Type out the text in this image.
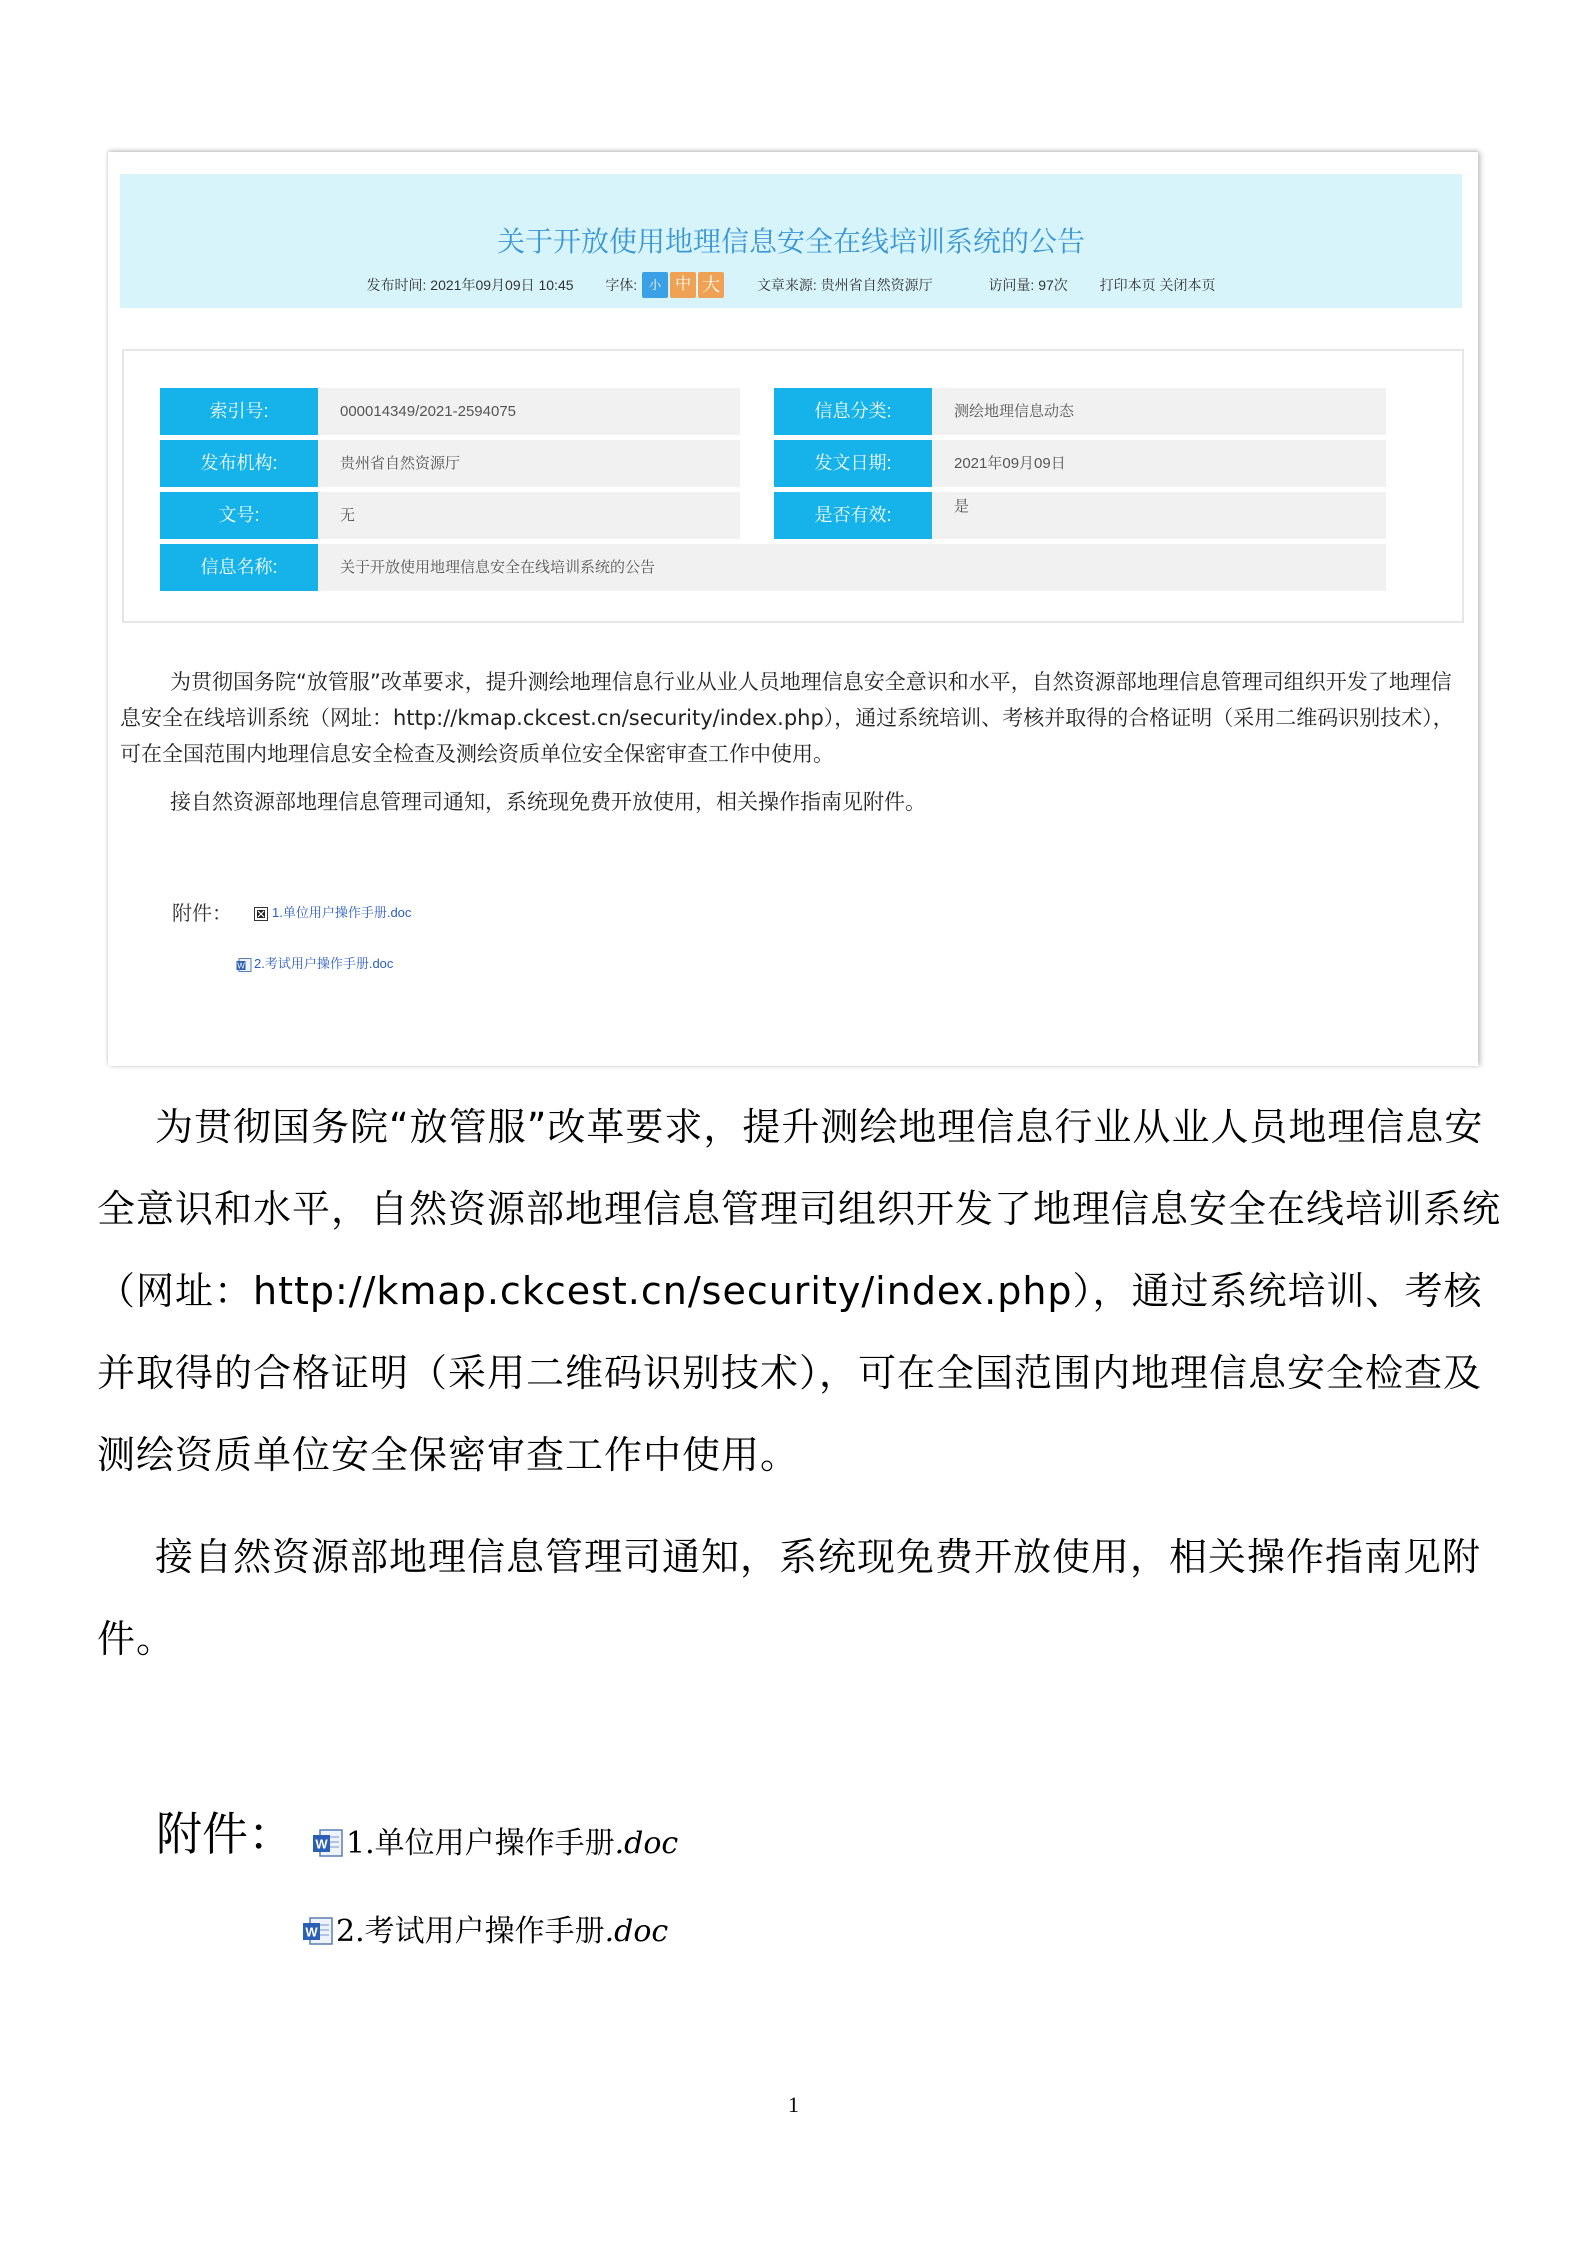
关于开放使用地理信息安全在线培训系统的公告
发布时间: 2021年09月09日 10:45 字体: 小 中 大	文章来源: 贵州省自然资源厅	访问量: 97次 打印本页 关闭本页
索引号:	000014349/2021-2594075	信息分类:	测绘地理信息动态
发布机构:	贵州省自然资源厅	发文日期:	2021年09月09日
文号:	无	是否有效:	是
信息名称:	关于开放使用地理信息安全在线培训系统的公告
为贯彻国务院“放管服”改革要求，提升测绘地理信息行业从业人员地理信息安全意识和水平，自然资源部地理信息管理司组织开发了地理信息安全在线培训系统（网址：http://kmap.ckcest.cn/security/index.php），通过系统培训、考核并取得的合格证明（采用二维码识别技术），可在全国范围内地理信息安全检查及测绘资质单位安全保密审查工作中使用。
接自然资源部地理信息管理司通知，系统现免费开放使用，相关操作指南见附件。
附件：	1.单位用户操作手册.doc
W 2.考试用户操作手册.doc
为贯彻国务院“放管服”改革要求，提升测绘地理信息行业从业人员地理信息安全意识和水平，自然资源部地理信息管理司组织开发了地理信息安全在线培训系统（网址：http://kmap.ckcest.cn/security/index.php），通过系统培训、考核并取得的合格证明（采用二维码识别技术），可在全国范围内地理信息安全检查及测绘资质单位安全保密审查工作中使用。
接自然资源部地理信息管理司通知，系统现免费开放使用，相关操作指南见附件。
附件： W 1.单位用户操作手册.doc
W 2.考试用户操作手册.doc
1
